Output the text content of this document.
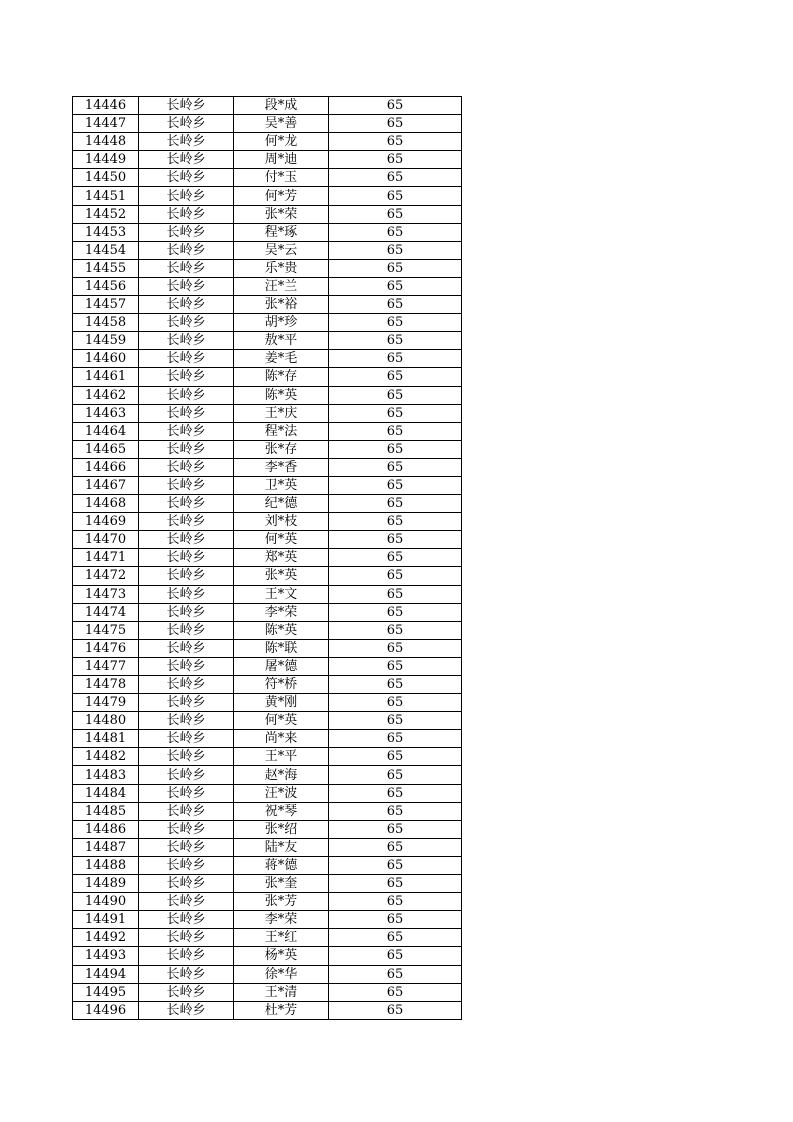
14446	长岭乡	段*成	65
14447	长岭乡	吴*善	65
14448	长岭乡	何*龙	65
14449	长岭乡	周*迪	65
14450	长岭乡	付*玉	65
14451	长岭乡	何*芳	65
14452	长岭乡	张*荣	65
14453	长岭乡	程*琢	65
14454	长岭乡	吴*云	65
14455	长岭乡	乐*贵	65
14456	长岭乡	汪*兰	65
14457	长岭乡	张*裕	65
14458	长岭乡	胡*珍	65
14459	长岭乡	敖*平	65
14460	长岭乡	姜*毛	65
14461	长岭乡	陈*存	65
14462	长岭乡	陈*英	65
14463	长岭乡	王*庆	65
14464	长岭乡	程*法	65
14465	长岭乡	张*存	65
14466	长岭乡	李*香	65
14467	长岭乡	卫*英	65
14468	长岭乡	纪*德	65
14469	长岭乡	刘*枝	65
14470	长岭乡	何*英	65
14471	长岭乡	郑*英	65
14472	长岭乡	张*英	65
14473	长岭乡	王*文	65
14474	长岭乡	李*荣	65
14475	长岭乡	陈*英	65
14476	长岭乡	陈*联	65
14477	长岭乡	屠*德	65
14478	长岭乡	符*桥	65
14479	长岭乡	黄*刚	65
14480	长岭乡	何*英	65
14481	长岭乡	尚*来	65
14482	长岭乡	王*平	65
14483	长岭乡	赵*海	65
14484	长岭乡	汪*波	65
14485	长岭乡	祝*琴	65
14486	长岭乡	张*绍	65
14487	长岭乡	陆*友	65
14488	长岭乡	蒋*德	65
14489	长岭乡	张*奎	65
14490	长岭乡	张*芳	65
14491	长岭乡	李*荣	65
14492	长岭乡	王*红	65
14493	长岭乡	杨*英	65
14494	长岭乡	徐*华	65
14495	长岭乡	王*清	65
14496	长岭乡	杜*芳	65
